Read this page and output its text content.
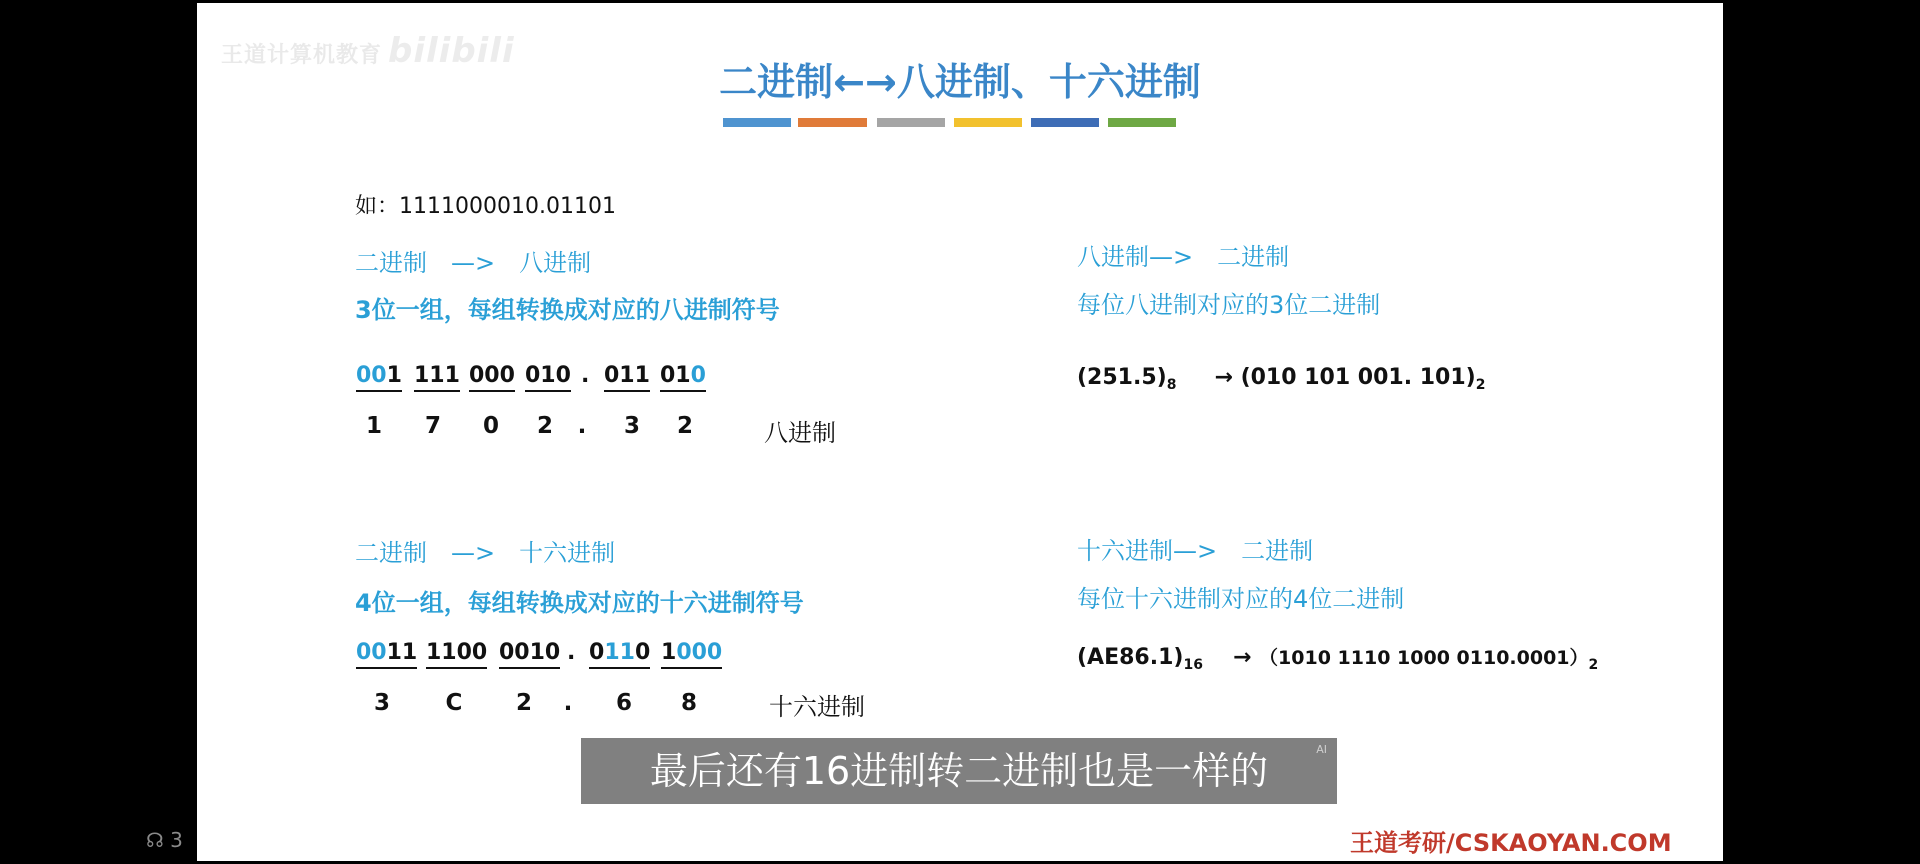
王道计算机教育 bilibili
二进制←→八进制、十六进制
如：1111000010.01101
二进制　—>　八进制
3位一组，每组转换成对应的八进制符号
001 111 000 010 . 011 010
1	7	0	2	.	3	2	八进制
八进制—>　二进制
每位八进制对应的3位二进制
$(251.5)_8 \to (010$ 101 001. $101)_2$
二进制　—>　十六进制
4位一组，每组转换成对应的十六进制符号
0011 1100 0010 . 0110 1000
3	C	2	.	6	8	十六进制
十六进制—>　二进制
每位十六进制对应的4位二进制
$(AE86.1)_{16} \to (1010$ 1110 1000 $0110.0001)_2$
王道考研/CSKAOYAN.COM
最后还有16进制转二进制也是一样的	AI
☊ 3
